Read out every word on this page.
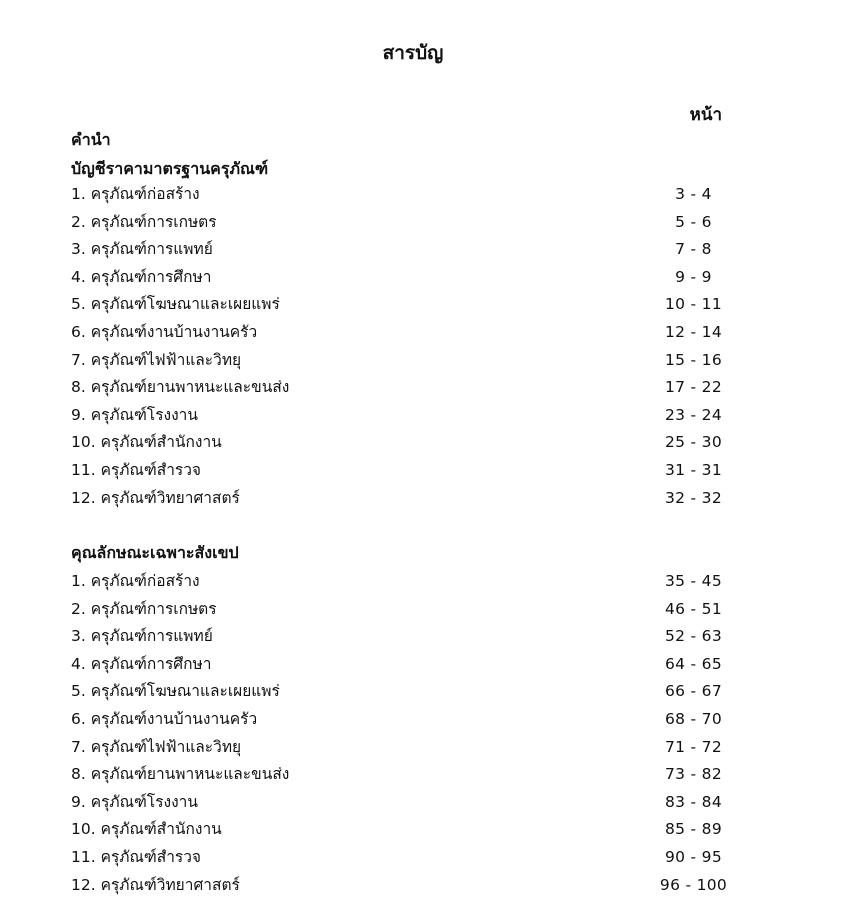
สารบัญ
หน้า
คำนำ
บัญชีราคามาตรฐานครุภัณฑ์
1. ครุภัณฑ์ก่อสร้าง	3 - 4
2. ครุภัณฑ์การเกษตร	5 - 6
3. ครุภัณฑ์การแพทย์	7 - 8
4. ครุภัณฑ์การศึกษา	9 - 9
5. ครุภัณฑ์โฆษณาและเผยแพร่	10 - 11
6. ครุภัณฑ์งานบ้านงานครัว	12 - 14
7. ครุภัณฑ์ไฟฟ้าและวิทยุ	15 - 16
8. ครุภัณฑ์ยานพาหนะและขนส่ง	17 - 22
9. ครุภัณฑ์โรงงาน	23 - 24
10. ครุภัณฑ์สำนักงาน	25 - 30
11. ครุภัณฑ์สำรวจ	31 - 31
12. ครุภัณฑ์วิทยาศาสตร์	32 - 32
คุณลักษณะเฉพาะสังเขป
1. ครุภัณฑ์ก่อสร้าง	35 - 45
2. ครุภัณฑ์การเกษตร	46 - 51
3. ครุภัณฑ์การแพทย์	52 - 63
4. ครุภัณฑ์การศึกษา	64 - 65
5. ครุภัณฑ์โฆษณาและเผยแพร่	66 - 67
6. ครุภัณฑ์งานบ้านงานครัว	68 - 70
7. ครุภัณฑ์ไฟฟ้าและวิทยุ	71 - 72
8. ครุภัณฑ์ยานพาหนะและขนส่ง	73 - 82
9. ครุภัณฑ์โรงงาน	83 - 84
10. ครุภัณฑ์สำนักงาน	85 - 89
11. ครุภัณฑ์สำรวจ	90 - 95
12. ครุภัณฑ์วิทยาศาสตร์	96 - 100
